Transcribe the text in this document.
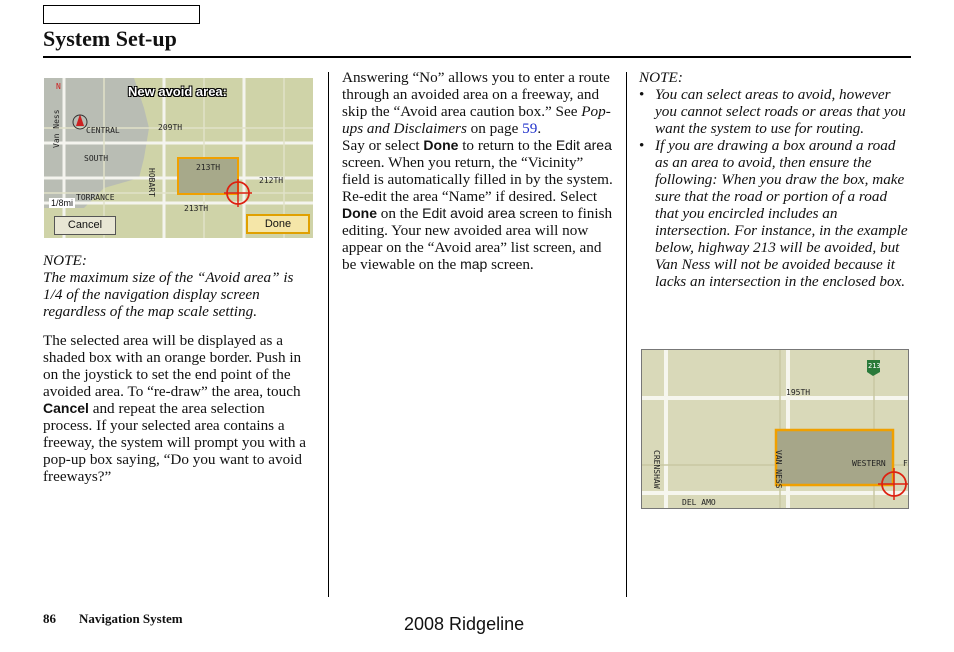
System Set-up
New avoid area:
N
CENTRAL
SOUTH
209TH
TORRANCE
213TH
212TH
213TH
HOBART
Van Ness
1/8mi
Cancel	Done

NOTE:

The maximum size of the “Avoid area” is 1/4 of the navigation display screen regardless of the map scale setting.

The selected area will be displayed as a shaded box with an orange border. Push in on the joystick to set the end point of the avoided area. To “re-draw” the area, touch Cancel and repeat the area selection process. If your selected area contains a freeway, the system will prompt you with a pop-up box saying, “Do you want to avoid freeways?”

Answering “No” allows you to enter a route through an avoided area on a freeway, and skip the “Avoid area caution box.” See Pop-ups and Disclaimers on page 59.

Say or select Done to return to the Edit area screen. When you return, the “Vicinity” field is automatically filled in by the system. Re-edit the area “Name” if desired. Select Done on the Edit avoid area screen to finish editing. Your new avoided area will now appear on the “Avoid area” list screen, and be viewable on the map screen.

NOTE:

• You can select areas to avoid, however you cannot select roads or areas that you want the system to use for routing.
• If you are drawing a box around a road as an area to avoid, then ensure the following: When you draw the box, make sure that the road or portion of a road that you encircled includes an intersection. For instance, in the example below, highway 213 will be avoided, but Van Ness will not be avoided because it lacks an intersection in the enclosed box.
195TH
WESTERN F
DEL AMO
213
CRENSHAW	VAN NESS
86 Navigation System	2008 Ridgeline
